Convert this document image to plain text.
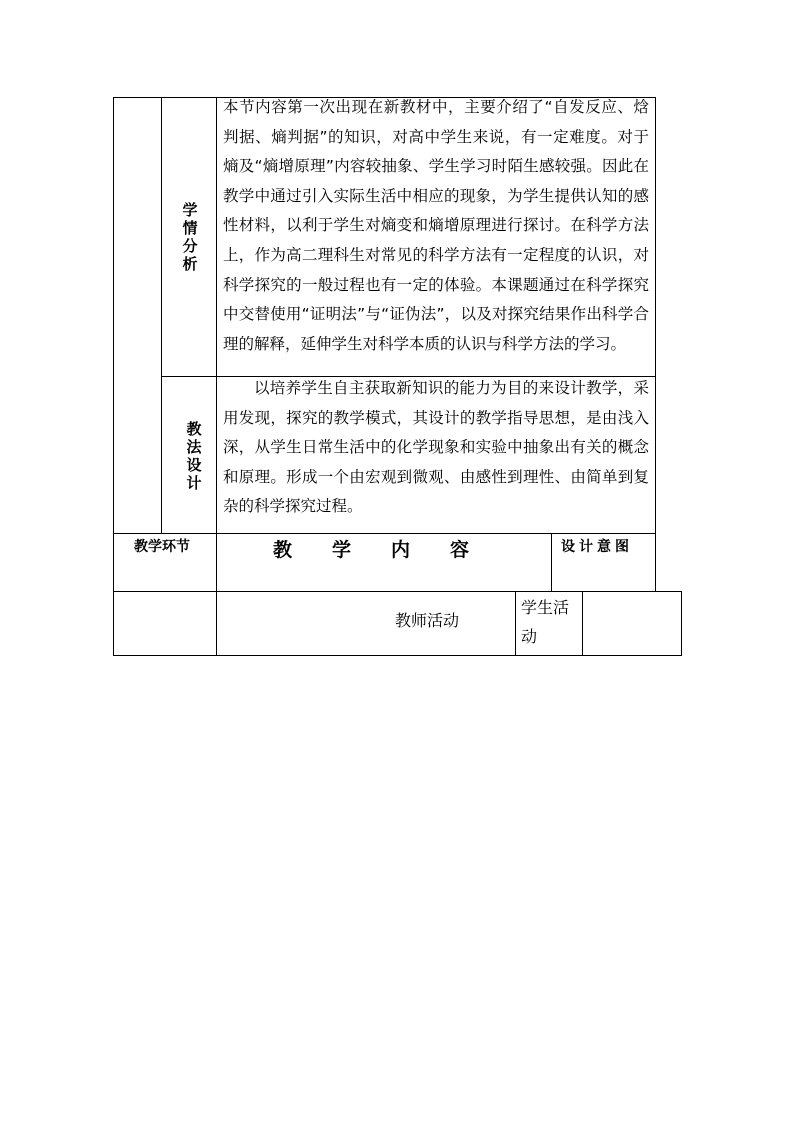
学情分析
本节内容第一次出现在新教材中，主要介绍了“自发反应、焓判据、熵判据”的知识，对高中学生来说，有一定难度。对于熵及“熵增原理”内容较抽象、学生学习时陌生感较强。因此在教学中通过引入实际生活中相应的现象，为学生提供认知的感性材料，以利于学生对熵变和熵增原理进行探讨。在科学方法上，作为高二理科生对常见的科学方法有一定程度的认识，对科学探究的一般过程也有一定的体验。本课题通过在科学探究中交替使用“证明法”与“证伪法”，以及对探究结果作出科学合理的解释，延伸学生对科学本质的认识与科学方法的学习。
教法设计
以培养学生自主获取新知识的能力为目的来设计教学，采用发现，探究的教学模式，其设计的教学指导思想，是由浅入深，从学生日常生活中的化学现象和实验中抽象出有关的概念和原理。形成一个由宏观到微观、由感性到理性、由简单到复杂的科学探究过程。
教学环节	教学内容	设计意图
教师活动
学生活动
